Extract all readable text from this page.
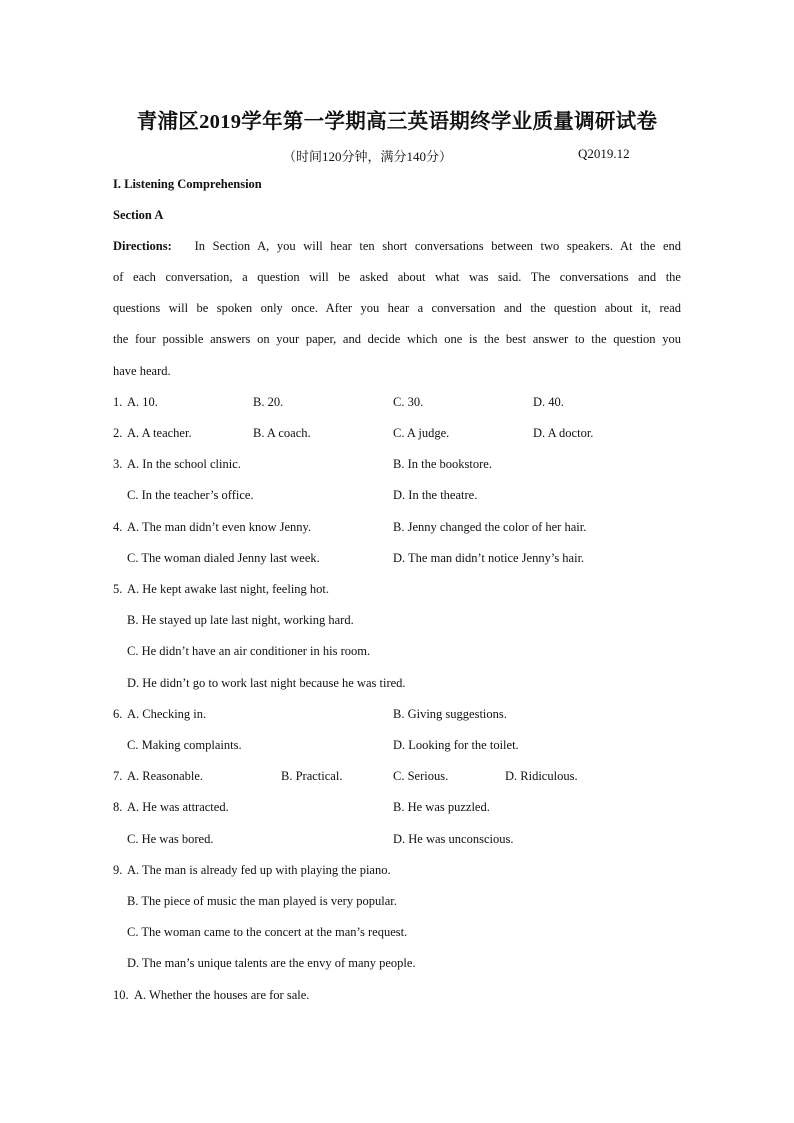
青浦区2019学年第一学期高三英语期终学业质量调研试卷
（时间120分钟，满分140分）	Q2019.12
I. Listening Comprehension
Section A
Directions: In Section A, you will hear ten short conversations between two speakers. At the end
of each conversation, a question will be asked about what was said. The conversations and the
questions will be spoken only once. After you hear a conversation and the question about it, read
the four possible answers on your paper, and decide which one is the best answer to the question you
have heard.
1. A. 10.	B. 20.	C. 30.	D. 40.
2. A. A teacher.	B. A coach.	C. A judge.	D. A doctor.
3. A. In the school clinic.	B. In the bookstore.
C. In the teacher’s office.	D. In the theatre.
4. A. The man didn’t even know Jenny.	B. Jenny changed the color of her hair.
C. The woman dialed Jenny last week.	D. The man didn’t notice Jenny’s hair.
5. A. He kept awake last night, feeling hot.
B. He stayed up late last night, working hard.
C. He didn’t have an air conditioner in his room.
D. He didn’t go to work last night because he was tired.
6. A. Checking in.	B. Giving suggestions.
C. Making complaints.	D. Looking for the toilet.
7. A. Reasonable.	B. Practical.	C. Serious.	D. Ridiculous.
8. A. He was attracted.	B. He was puzzled.
C. He was bored.	D. He was unconscious.
9. A. The man is already fed up with playing the piano.
B. The piece of music the man played is very popular.
C. The woman came to the concert at the man’s request.
D. The man’s unique talents are the envy of many people.
10. A. Whether the houses are for sale.
